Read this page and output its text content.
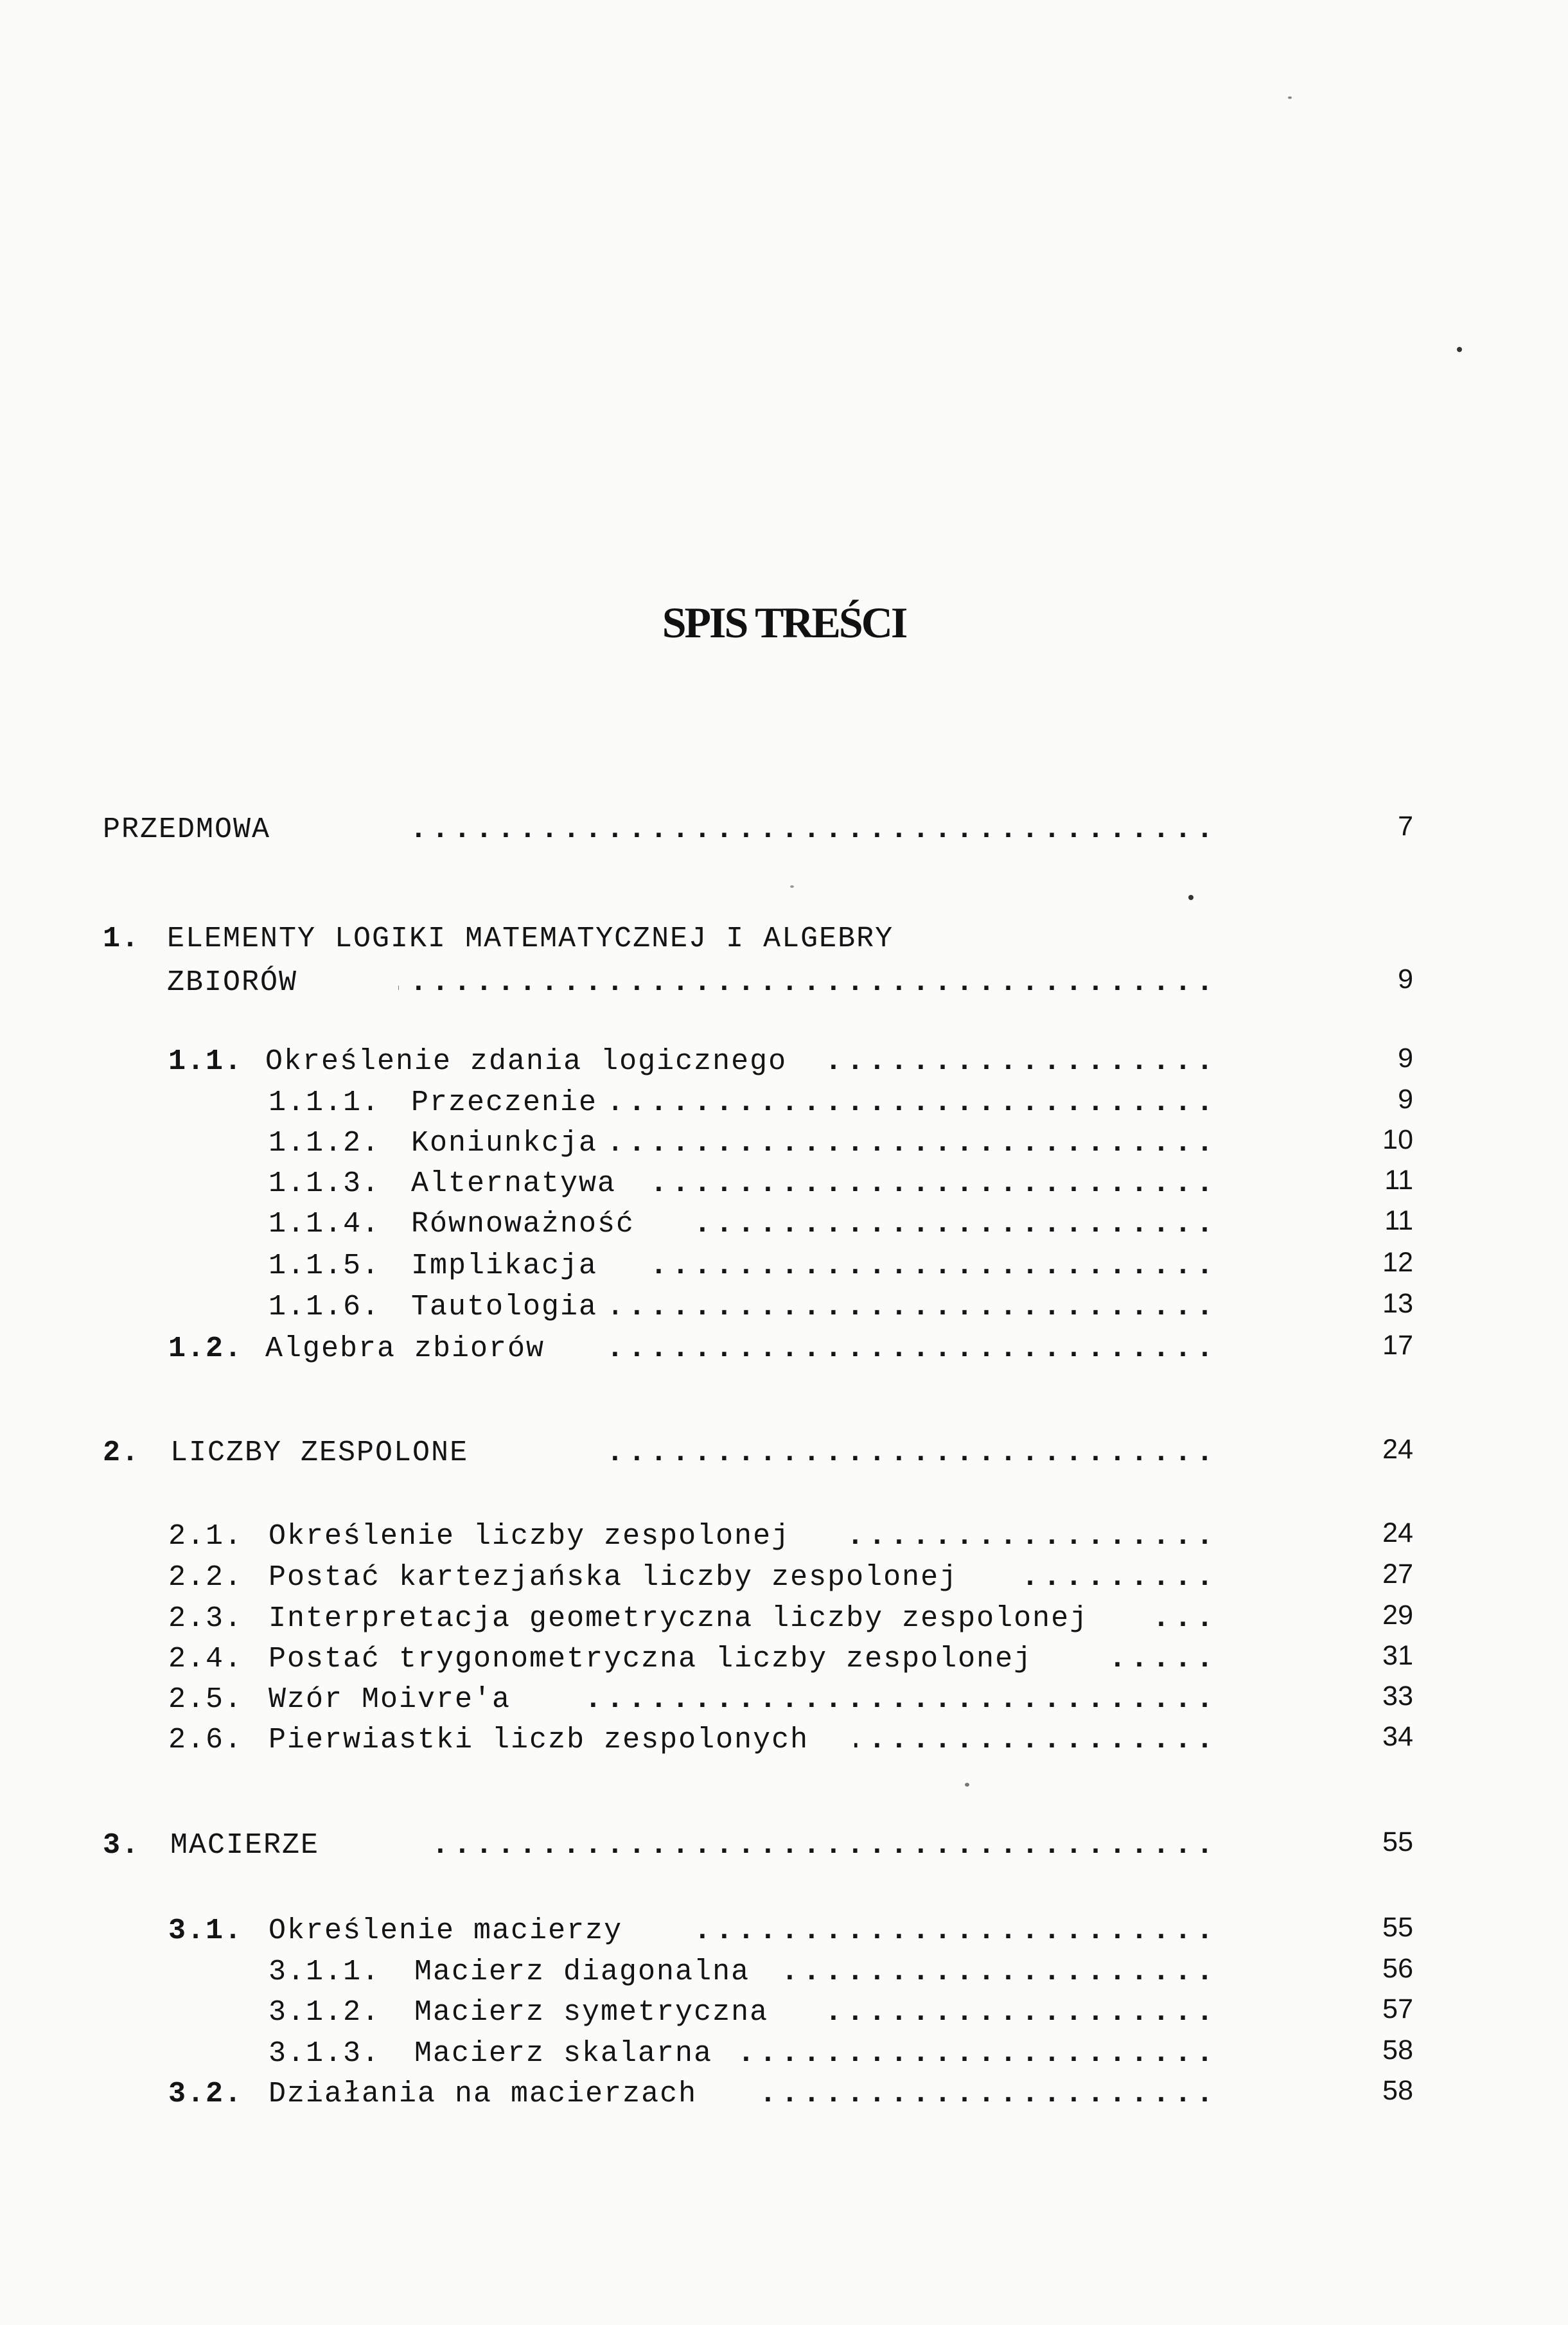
SPIS TREŚCI
PRZEDMOWA .....	7
1. ELEMENTY LOGIKI MATEMATYCZNEJ I ALGEBRY
ZBIORÓW .....	9
1.1. Określenie zdania logicznego .....	9
1.1.1. Przeczenie .....	9
1.1.2. Koniunkcja .....	10
1.1.3. Alternatywa .....	11
1.1.4. Równoważność .....	11
1.1.5. Implikacja .....	12
1.1.6. Tautologia .....	13
1.2. Algebra zbiorów .....	17
2. LICZBY ZESPOLONE .....	24
2.1. Określenie liczby zespolonej .....	24
2.2. Postać kartezjańska liczby zespolonej .....	27
2.3. Interpretacja geometryczna liczby zespolonej .....	29
2.4. Postać trygonometryczna liczby zespolonej .....	31
2.5. Wzór Moivre'a .....	33
2.6. Pierwiastki liczb zespolonych .....	34
3. MACIERZE .....	55
3.1. Określenie macierzy .....	55
3.1.1. Macierz diagonalna .....	56
3.1.2. Macierz symetryczna .....	57
3.1.3. Macierz skalarna .....	58
3.2. Działania na macierzach .....	58
